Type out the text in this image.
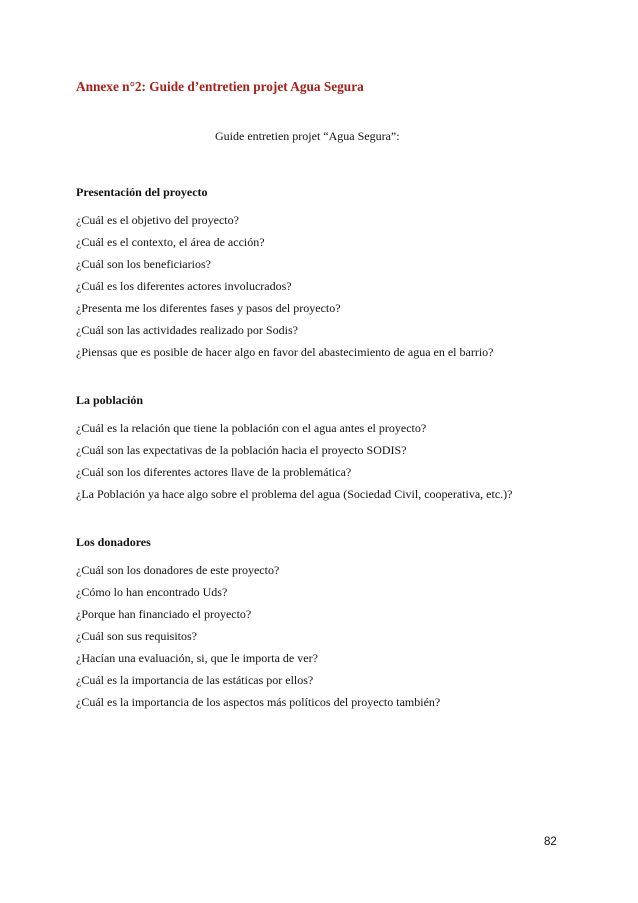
Annexe n°2: Guide d’entretien projet Agua Segura
Guide entretien projet “Agua Segura”:
Presentación del proyecto
¿Cuál es el objetivo del proyecto?
¿Cuál es el contexto, el área de acción?
¿Cuál son los beneficiarios?
¿Cuál es los diferentes actores involucrados?
¿Presenta me los diferentes fases y pasos del proyecto?
¿Cuál son las actividades realizado por Sodis?
¿Piensas que es posible de hacer algo en favor del abastecimiento de agua en el barrio?
La población
¿Cuál es la relación que tiene la población con el agua antes el proyecto?
¿Cuál son las expectativas de la población hacia el proyecto SODIS?
¿Cuál son los diferentes actores llave de la problemática?
¿La Población ya hace algo sobre el problema del agua (Sociedad Civil, cooperativa, etc.)?
Los donadores
¿Cuál son los donadores de este proyecto?
¿Cómo lo han encontrado Uds?
¿Porque han financiado el proyecto?
¿Cuál son sus requisitos?
¿Hacían una evaluación, si, que le importa de ver?
¿Cuál es la importancia de las estáticas por ellos?
¿Cuál es la importancia de los aspectos más políticos del proyecto también?
82
